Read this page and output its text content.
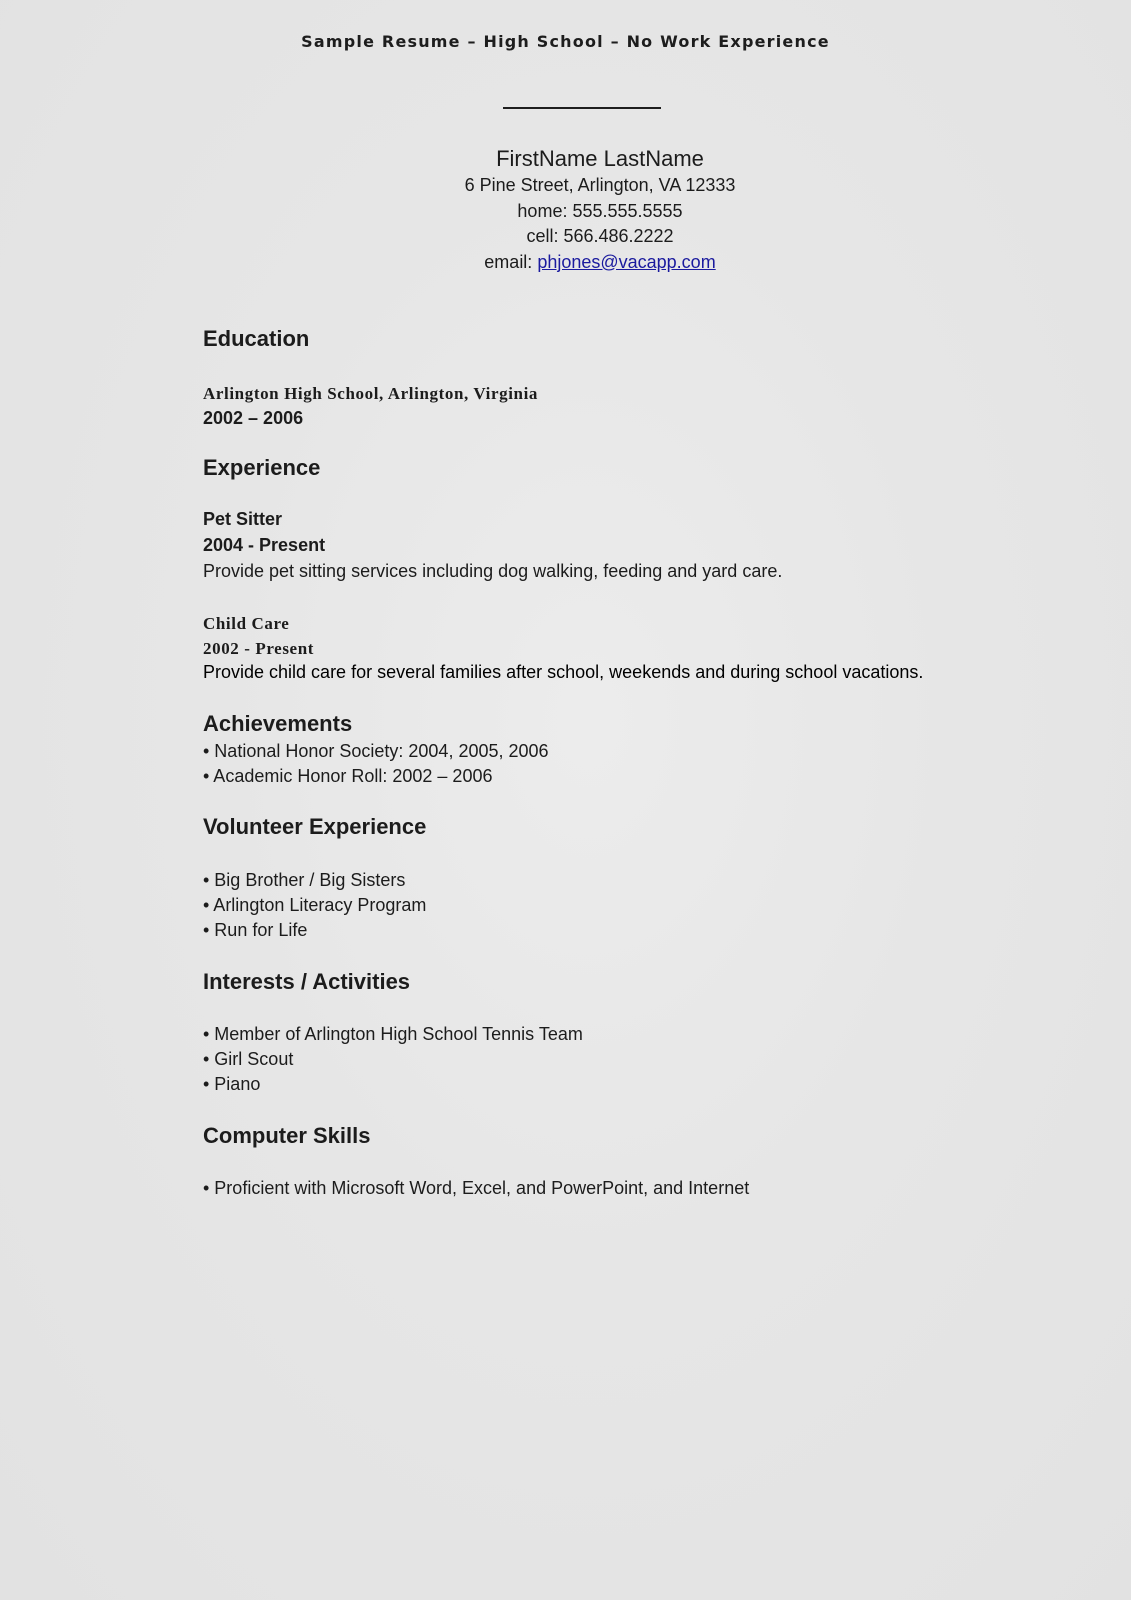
Sample Resume – High School – No Work Experience
FirstName LastName
6 Pine Street, Arlington, VA 12333
home: 555.555.5555
cell: 566.486.2222
email: phjones@vacapp.com
Education
Arlington High School, Arlington, Virginia
2002 – 2006
Experience
Pet Sitter
2004 - Present
Provide pet sitting services including dog walking, feeding and yard care.
Child Care
2002 - Present
Provide child care for several families after school, weekends and during school vacations.
Achievements
• National Honor Society: 2004, 2005, 2006
• Academic Honor Roll: 2002 – 2006
Volunteer Experience
• Big Brother / Big Sisters
• Arlington Literacy Program
• Run for Life
Interests / Activities
• Member of Arlington High School Tennis Team
• Girl Scout
• Piano
Computer Skills
• Proficient with Microsoft Word, Excel, and PowerPoint, and Internet
